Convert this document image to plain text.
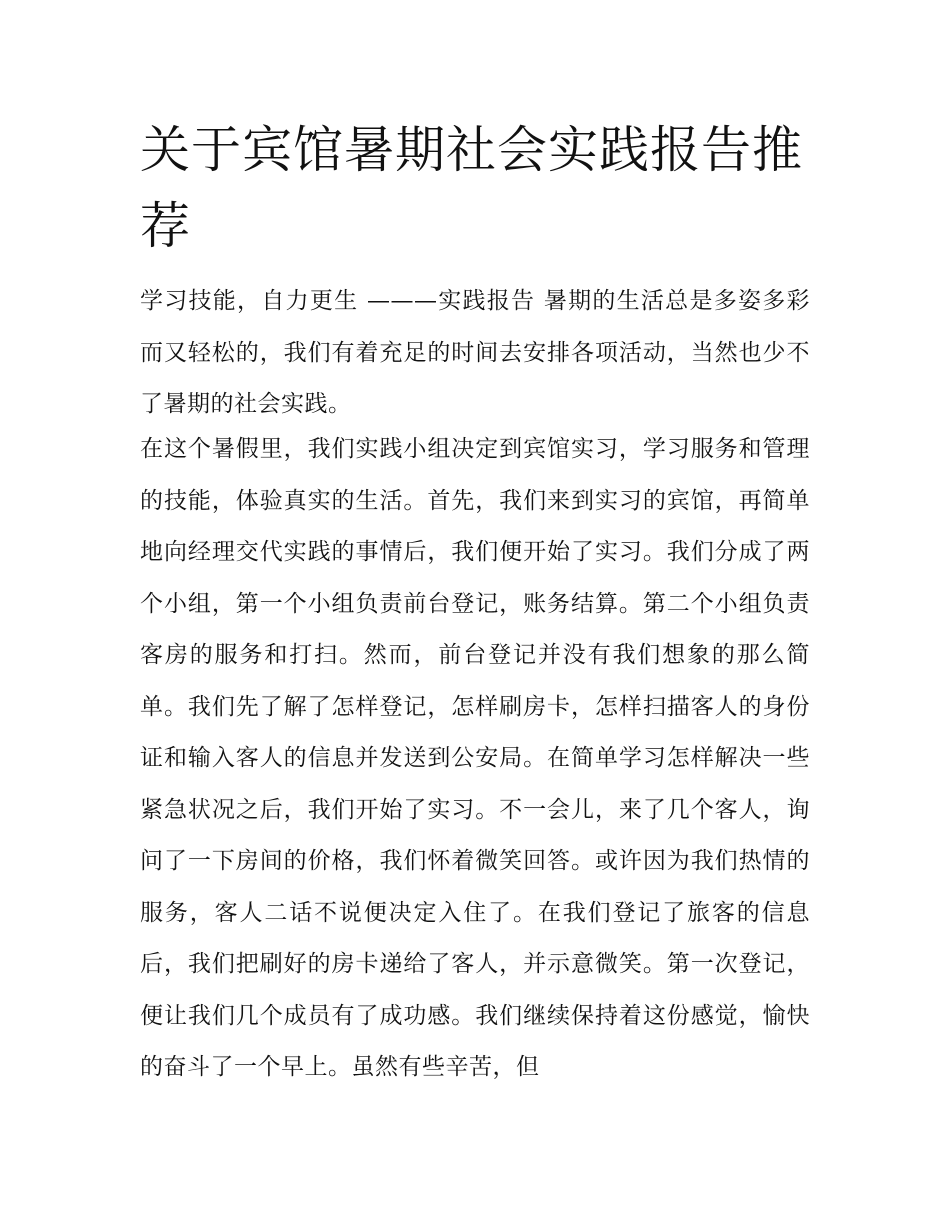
关于宾馆暑期社会实践报告推荐

学习技能，自力更生 ———实践报告 暑期的生活总是多姿多彩而又轻松的，我们有着充足的时间去安排各项活动，当然也少不了暑期的社会实践。

在这个暑假里，我们实践小组决定到宾馆实习，学习服务和管理的技能，体验真实的生活。首先，我们来到实习的宾馆，再简单地向经理交代实践的事情后，我们便开始了实习。我们分成了两个小组，第一个小组负责前台登记，账务结算。第二个小组负责客房的服务和打扫。然而，前台登记并没有我们想象的那么简单。我们先了解了怎样登记，怎样刷房卡，怎样扫描客人的身份证和输入客人的信息并发送到公安局。在简单学习怎样解决一些紧急状况之后，我们开始了实习。不一会儿，来了几个客人，询问了一下房间的价格，我们怀着微笑回答。或许因为我们热情的服务，客人二话不说便决定入住了。在我们登记了旅客的信息后，我们把刷好的房卡递给了客人，并示意微笑。第一次登记，便让我们几个成员有了成功感。我们继续保持着这份感觉，愉快的奋斗了一个早上。虽然有些辛苦，但
